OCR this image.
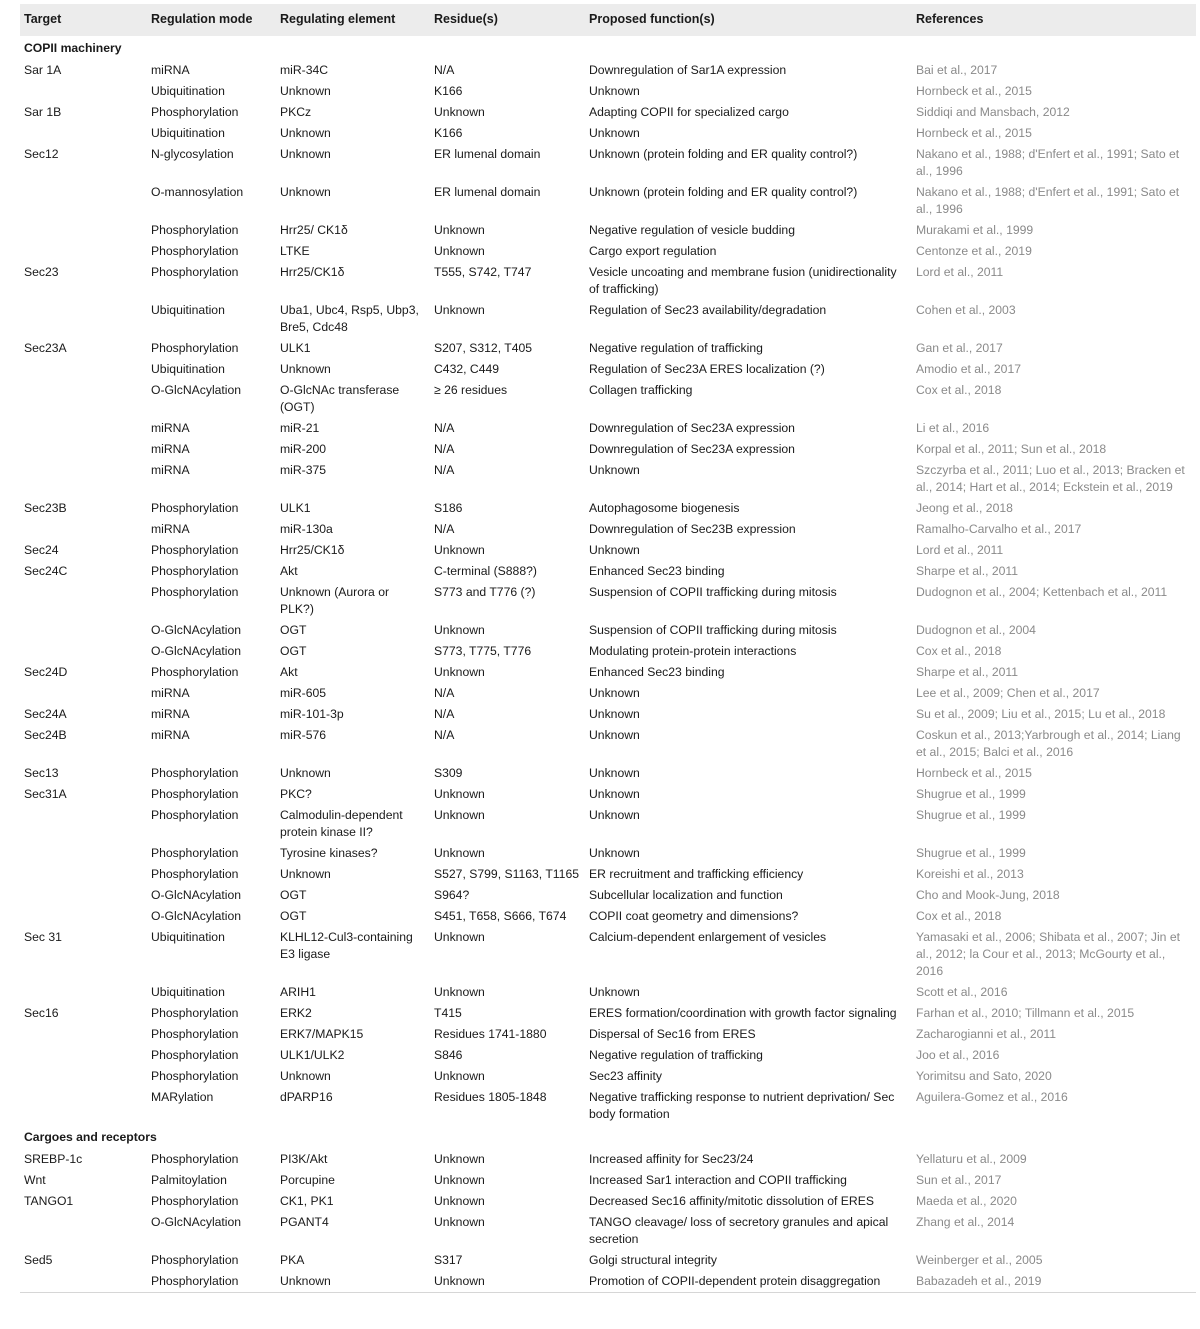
Target	Regulation mode	Regulating element	Residue(s)	Proposed function(s)	References
COPII machinery					
Sar 1A	miRNA	miR-34C	N/A	Downregulation of Sar1A expression	Bai et al., 2017
	Ubiquitination	Unknown	K166	Unknown	Hornbeck et al., 2015
Sar 1B	Phosphorylation	PKCz	Unknown	Adapting COPII for specialized cargo	Siddiqi and Mansbach, 2012
	Ubiquitination	Unknown	K166	Unknown	Hornbeck et al., 2015
Sec12	N-glycosylation	Unknown	ER lumenal domain	Unknown (protein folding and ER quality control?)	Nakano et al., 1988; d'Enfert et al., 1991; Sato et al., 1996
	O-mannosylation	Unknown	ER lumenal domain	Unknown (protein folding and ER quality control?)	Nakano et al., 1988; d'Enfert et al., 1991; Sato et al., 1996
	Phosphorylation	Hrr25/ CK1δ	Unknown	Negative regulation of vesicle budding	Murakami et al., 1999
	Phosphorylation	LTKE	Unknown	Cargo export regulation	Centonze et al., 2019
Sec23	Phosphorylation	Hrr25/CK1δ	T555, S742, T747	Vesicle uncoating and membrane fusion (unidirectionality of trafficking)	Lord et al., 2011
	Ubiquitination	Uba1, Ubc4, Rsp5, Ubp3, Bre5, Cdc48	Unknown	Regulation of Sec23 availability/degradation	Cohen et al., 2003
Sec23A	Phosphorylation	ULK1	S207, S312, T405	Negative regulation of trafficking	Gan et al., 2017
	Ubiquitination	Unknown	C432, C449	Regulation of Sec23A ERES localization (?)	Amodio et al., 2017
	O-GlcNAcylation	O-GlcNAc transferase (OGT)	≥ 26 residues	Collagen trafficking	Cox et al., 2018
	miRNA	miR-21	N/A	Downregulation of Sec23A expression	Li et al., 2016
	miRNA	miR-200	N/A	Downregulation of Sec23A expression	Korpal et al., 2011; Sun et al., 2018
	miRNA	miR-375	N/A	Unknown	Szczyrba et al., 2011; Luo et al., 2013; Bracken et al., 2014; Hart et al., 2014; Eckstein et al., 2019
Sec23B	Phosphorylation	ULK1	S186	Autophagosome biogenesis	Jeong et al., 2018
	miRNA	miR-130a	N/A	Downregulation of Sec23B expression	Ramalho-Carvalho et al., 2017
Sec24	Phosphorylation	Hrr25/CK1δ	Unknown	Unknown	Lord et al., 2011
Sec24C	Phosphorylation	Akt	C-terminal (S888?)	Enhanced Sec23 binding	Sharpe et al., 2011
	Phosphorylation	Unknown (Aurora or PLK?)	S773 and T776 (?)	Suspension of COPII trafficking during mitosis	Dudognon et al., 2004; Kettenbach et al., 2011
	O-GlcNAcylation	OGT	Unknown	Suspension of COPII trafficking during mitosis	Dudognon et al., 2004
	O-GlcNAcylation	OGT	S773, T775, T776	Modulating protein-protein interactions	Cox et al., 2018
Sec24D	Phosphorylation	Akt	Unknown	Enhanced Sec23 binding	Sharpe et al., 2011
	miRNA	miR-605	N/A	Unknown	Lee et al., 2009; Chen et al., 2017
Sec24A	miRNA	miR-101-3p	N/A	Unknown	Su et al., 2009; Liu et al., 2015; Lu et al., 2018
Sec24B	miRNA	miR-576	N/A	Unknown	Coskun et al., 2013;Yarbrough et al., 2014; Liang et al., 2015; Balci et al., 2016
Sec13	Phosphorylation	Unknown	S309	Unknown	Hornbeck et al., 2015
Sec31A	Phosphorylation	PKC?	Unknown	Unknown	Shugrue et al., 1999
	Phosphorylation	Calmodulin-dependent protein kinase II?	Unknown	Unknown	Shugrue et al., 1999
	Phosphorylation	Tyrosine kinases?	Unknown	Unknown	Shugrue et al., 1999
	Phosphorylation	Unknown	S527, S799, S1163, T1165	ER recruitment and trafficking efficiency	Koreishi et al., 2013
	O-GlcNAcylation	OGT	S964?	Subcellular localization and function	Cho and Mook-Jung, 2018
	O-GlcNAcylation	OGT	S451, T658, S666, T674	COPII coat geometry and dimensions?	Cox et al., 2018
Sec 31	Ubiquitination	KLHL12-Cul3-containing E3 ligase	Unknown	Calcium-dependent enlargement of vesicles	Yamasaki et al., 2006; Shibata et al., 2007; Jin et al., 2012; la Cour et al., 2013; McGourty et al., 2016
	Ubiquitination	ARIH1	Unknown	Unknown	Scott et al., 2016
Sec16	Phosphorylation	ERK2	T415	ERES formation/coordination with growth factor signaling	Farhan et al., 2010; Tillmann et al., 2015
	Phosphorylation	ERK7/MAPK15	Residues 1741-1880	Dispersal of Sec16 from ERES	Zacharogianni et al., 2011
	Phosphorylation	ULK1/ULK2	S846	Negative regulation of trafficking	Joo et al., 2016
	Phosphorylation	Unknown	Unknown	Sec23 affinity	Yorimitsu and Sato, 2020
	MARylation	dPARP16	Residues 1805-1848	Negative trafficking response to nutrient deprivation/ Sec body formation	Aguilera-Gomez et al., 2016
Cargoes and receptors					
SREBP-1c	Phosphorylation	PI3K/Akt	Unknown	Increased affinity for Sec23/24	Yellaturu et al., 2009
Wnt	Palmitoylation	Porcupine	Unknown	Increased Sar1 interaction and COPII trafficking	Sun et al., 2017
TANGO1	Phosphorylation	CK1, PK1	Unknown	Decreased Sec16 affinity/mitotic dissolution of ERES	Maeda et al., 2020
	O-GlcNAcylation	PGANT4	Unknown	TANGO cleavage/ loss of secretory granules and apical secretion	Zhang et al., 2014
Sed5	Phosphorylation	PKA	S317	Golgi structural integrity	Weinberger et al., 2005
	Phosphorylation	Unknown	Unknown	Promotion of COPII-dependent protein disaggregation	Babazadeh et al., 2019
